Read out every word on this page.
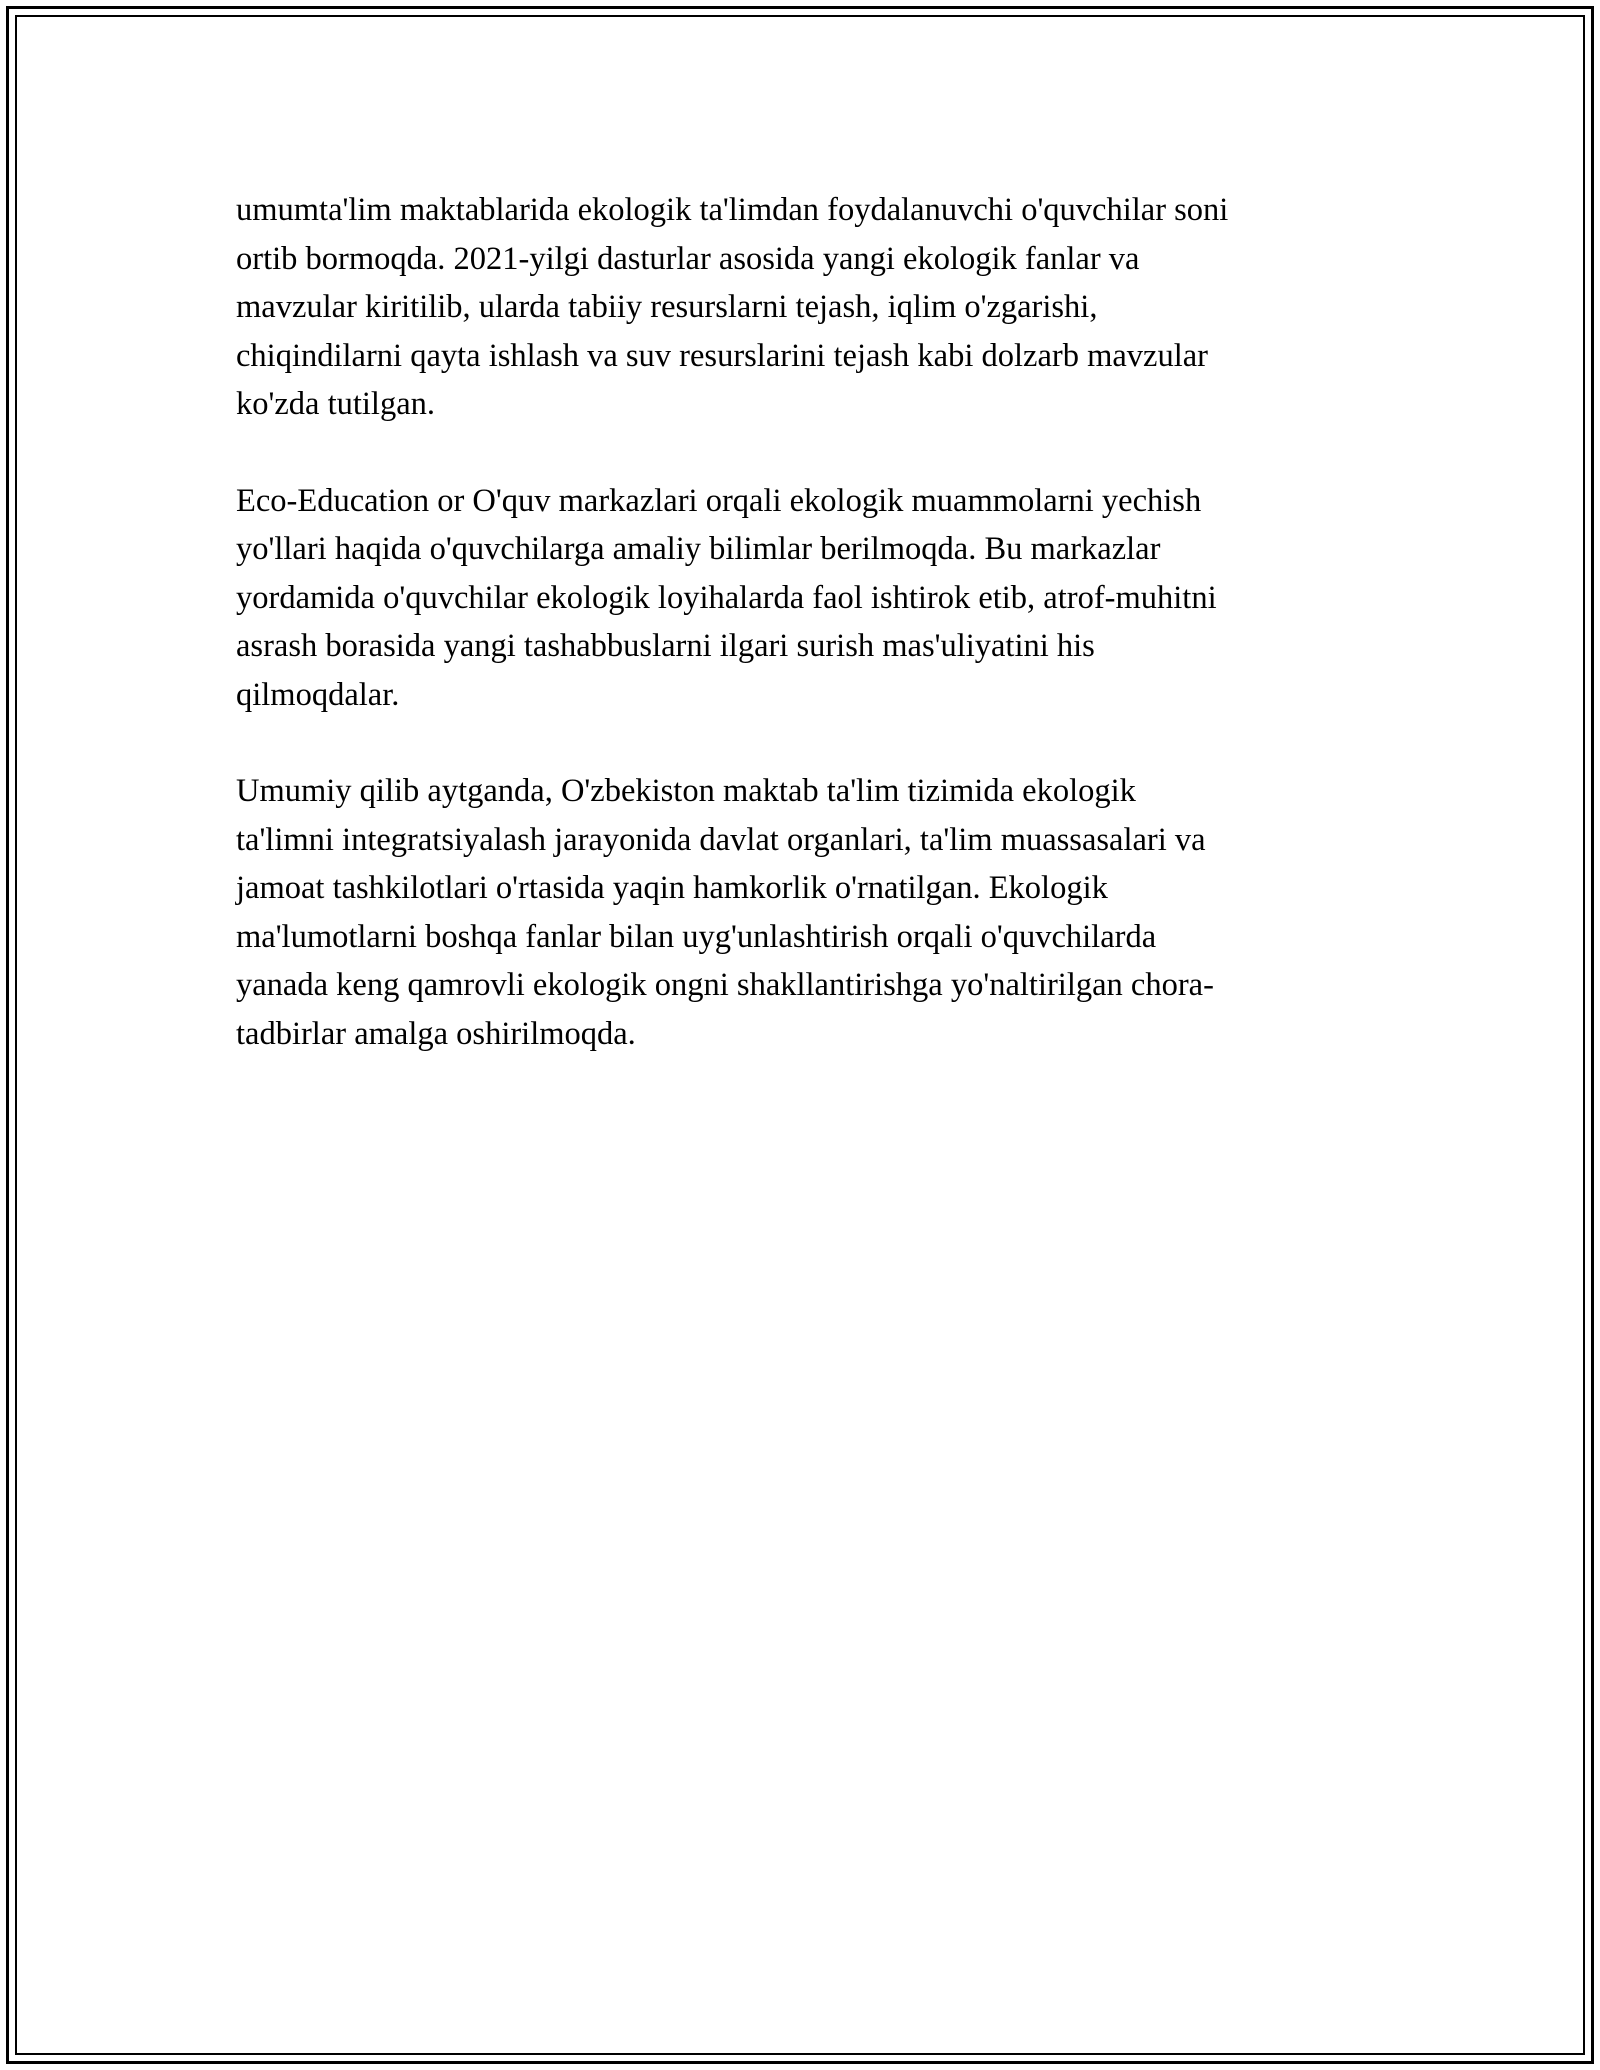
umumta'lim maktablarida ekologik ta'limdan foydalanuvchi o'quvchilar soni
ortib bormoqda. 2021-yilgi dasturlar asosida yangi ekologik fanlar va
mavzular kiritilib, ularda tabiiy resurslarni tejash, iqlim o'zgarishi,
chiqindilarni qayta ishlash va suv resurslarini tejash kabi dolzarb mavzular
ko'zda tutilgan.

Eco-Education or O'quv markazlari orqali ekologik muammolarni yechish
yo'llari haqida o'quvchilarga amaliy bilimlar berilmoqda. Bu markazlar
yordamida o'quvchilar ekologik loyihalarda faol ishtirok etib, atrof-muhitni
asrash borasida yangi tashabbuslarni ilgari surish mas'uliyatini his
qilmoqdalar.

Umumiy qilib aytganda, O'zbekiston maktab ta'lim tizimida ekologik
ta'limni integratsiyalash jarayonida davlat organlari, ta'lim muassasalari va
jamoat tashkilotlari o'rtasida yaqin hamkorlik o'rnatilgan. Ekologik
ma'lumotlarni boshqa fanlar bilan uyg'unlashtirish orqali o'quvchilarda
yanada keng qamrovli ekologik ongni shakllantirishga yo'naltirilgan chora-
tadbirlar amalga oshirilmoqda.
